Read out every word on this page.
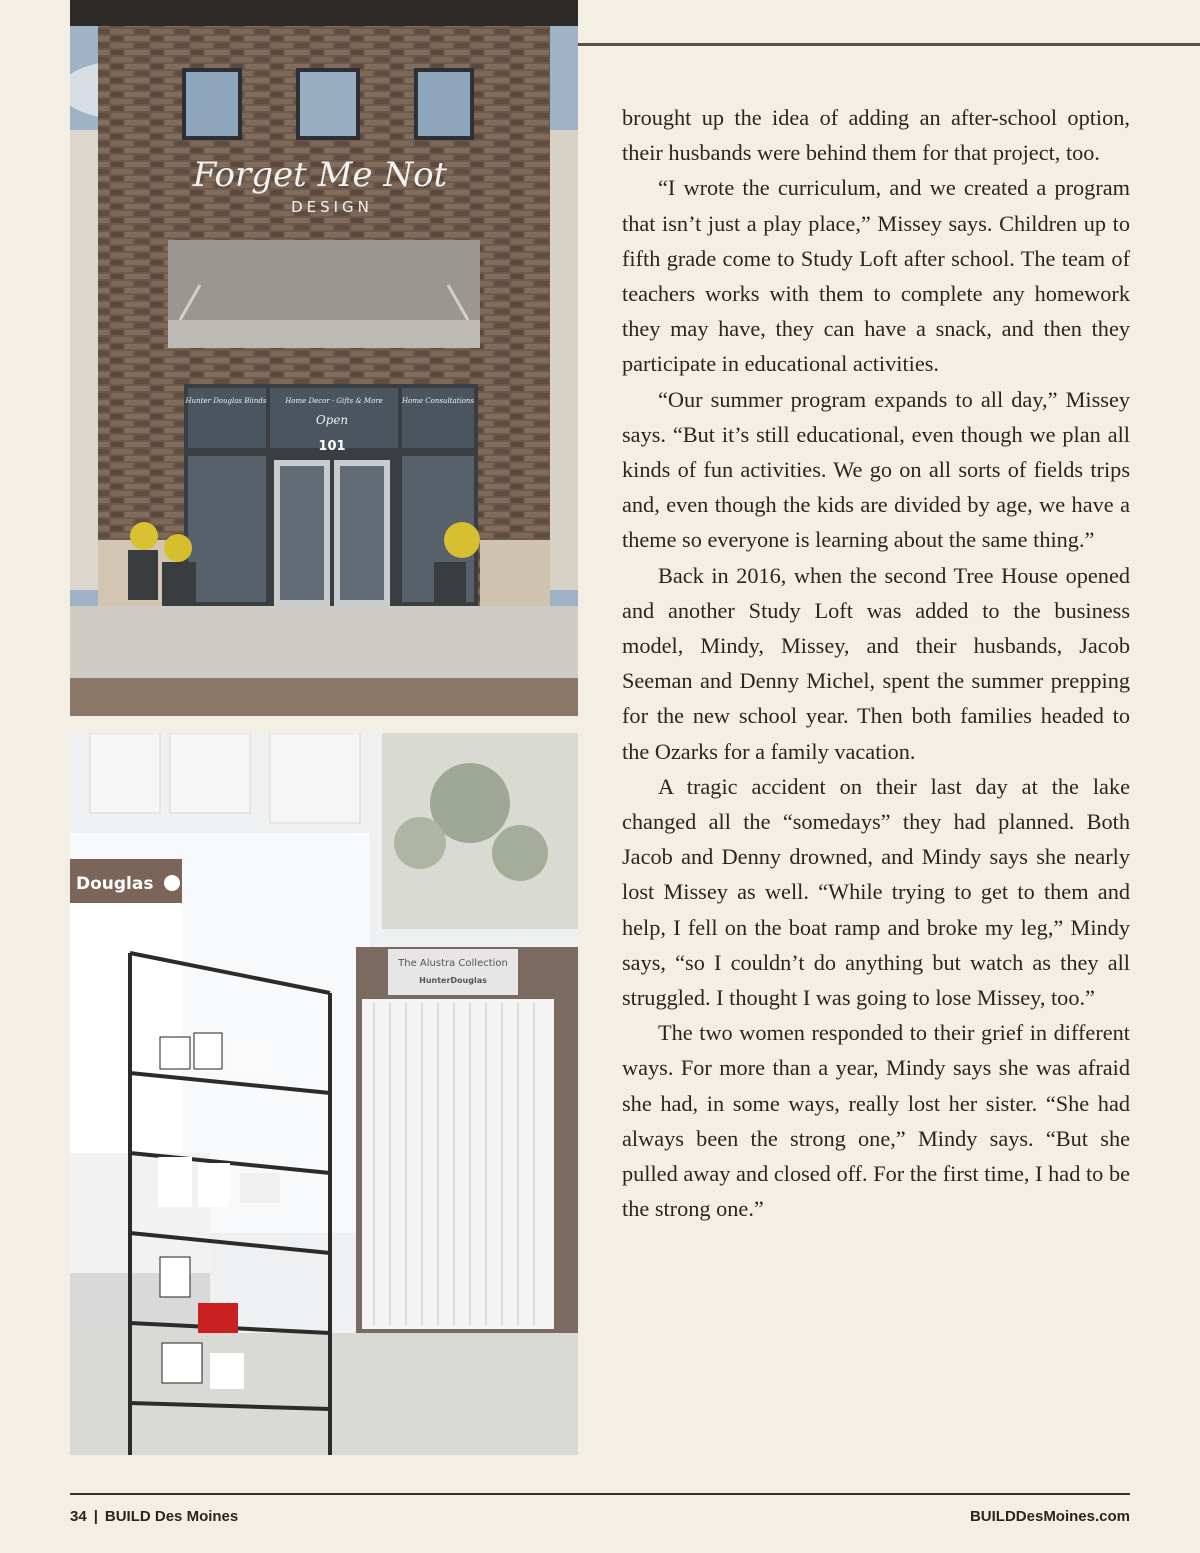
Forget Me Not
DESIGN
Hunter Douglas Blinds	Home Decor · Gifts & More	Home Consultations
Open
101
The Alustra Collection
HunterDouglas
Douglas

brought up the idea of adding an after-school option, their husbands were behind them for that project, too.

“I wrote the curriculum, and we created a program that isn’t just a play place,” Missey says. Children up to fifth grade come to Study Loft after school. The team of teachers works with them to complete any homework they may have, they can have a snack, and then they participate in educational activities.

“Our summer program expands to all day,” Missey says. “But it’s still educational, even though we plan all kinds of fun activities. We go on all sorts of fields trips and, even though the kids are divided by age, we have a theme so everyone is learning about the same thing.”

Back in 2016, when the second Tree House opened and another Study Loft was added to the business model, Mindy, Missey, and their husbands, Jacob Seeman and Denny Michel, spent the summer prepping for the new school year. Then both families headed to the Ozarks for a family vacation.

A tragic accident on their last day at the lake changed all the “somedays” they had planned. Both Jacob and Denny drowned, and Mindy says she nearly lost Missey as well. “While trying to get to them and help, I fell on the boat ramp and broke my leg,” Mindy says, “so I couldn’t do anything but watch as they all struggled. I thought I was going to lose Missey, too.”

The two women responded to their grief in different ways. For more than a year, Mindy says she was afraid she had, in some ways, really lost her sister. “She had always been the strong one,” Mindy says. “But she pulled away and closed off. For the first time, I had to be the strong one.”

34 | BUILD Des Moines	BUILDDesMoines.com
